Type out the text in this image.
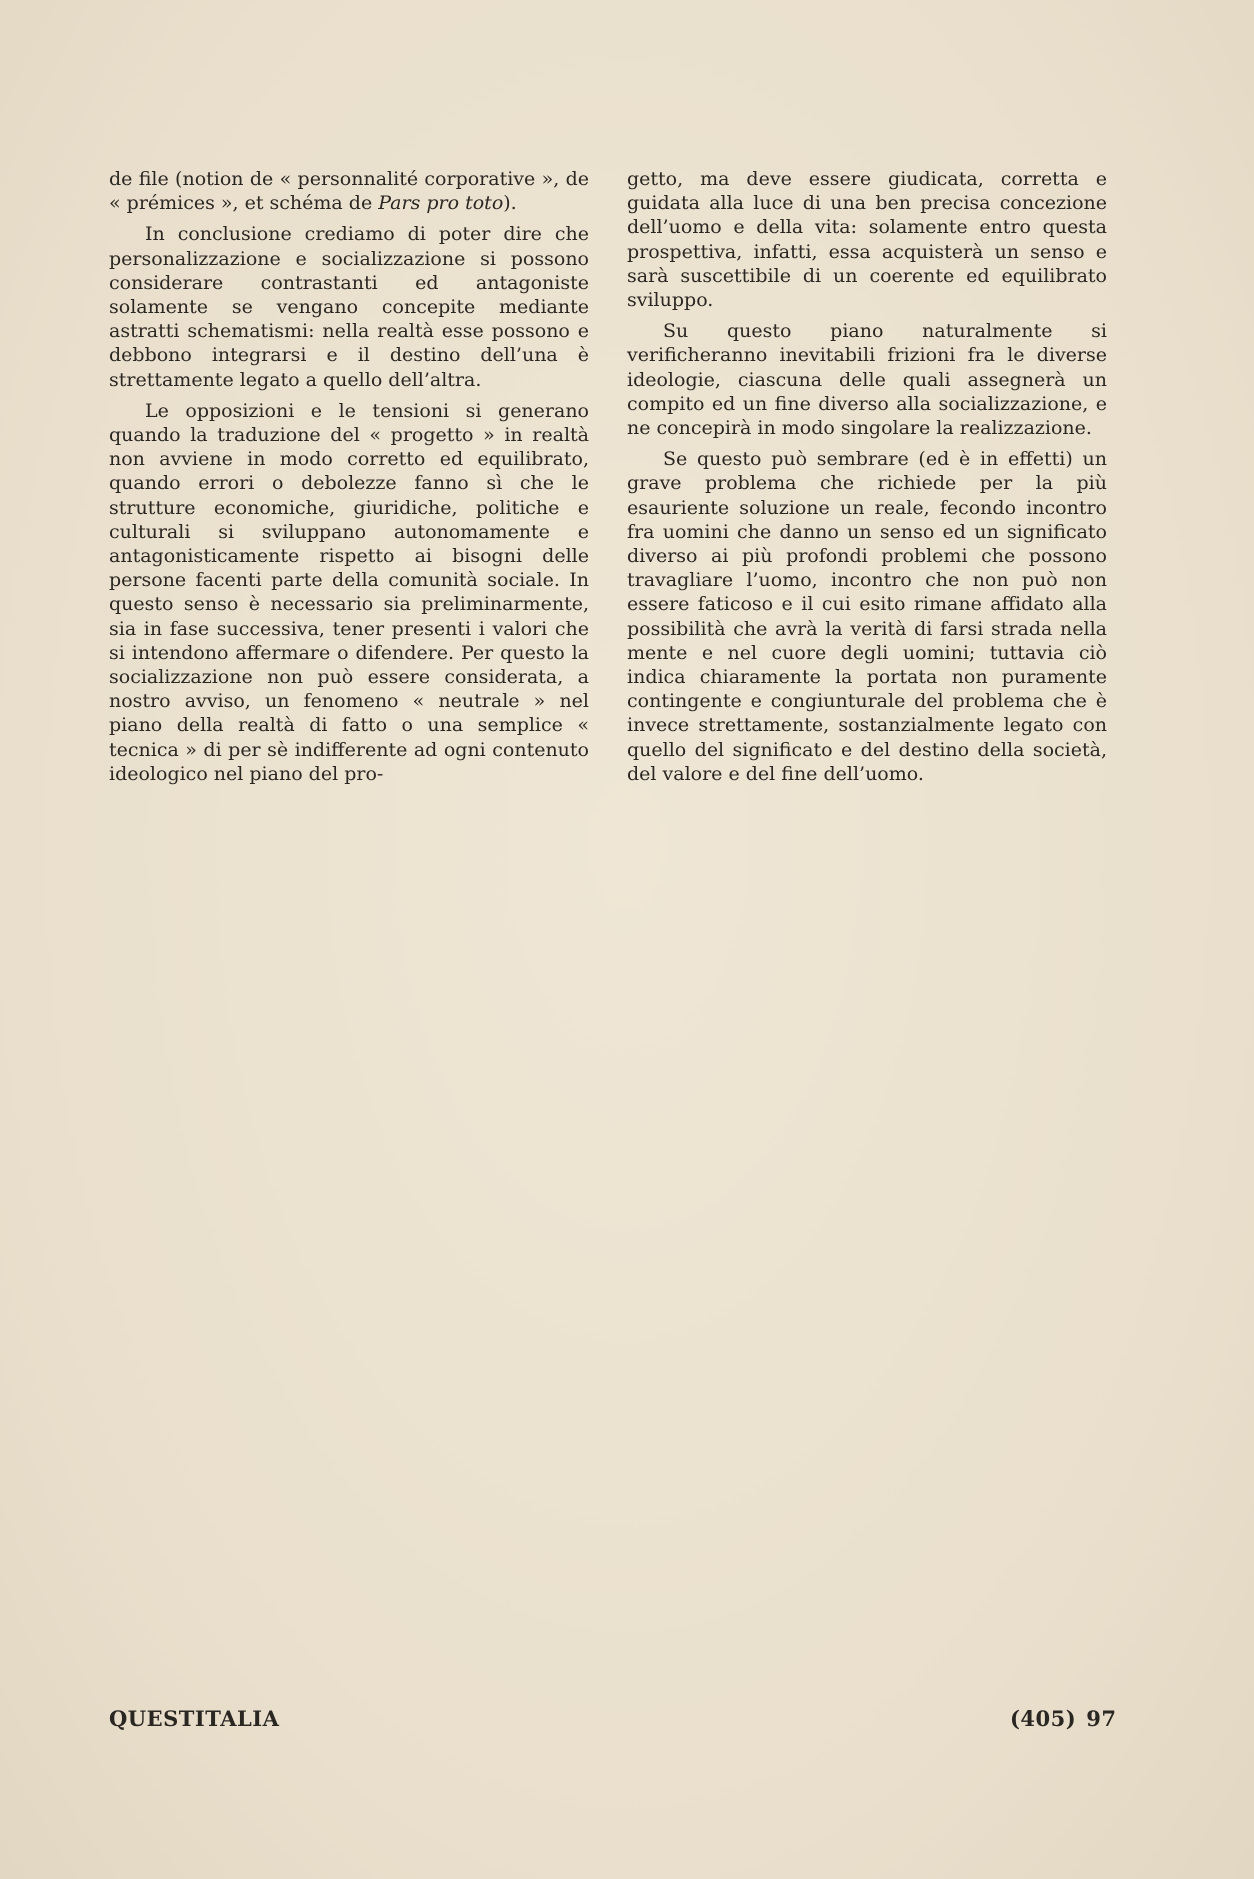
de file (notion de « personnalité corporative », de « prémices », et schéma de Pars pro toto).

In conclusione crediamo di poter dire che personalizzazione e socializzazione si possono considerare contrastanti ed antagoniste solamente se vengano concepite mediante astratti schematismi: nella realtà esse possono e debbono integrarsi e il destino dell’una è strettamente legato a quello dell’altra.

Le opposizioni e le tensioni si generano quando la traduzione del « progetto » in realtà non avviene in modo corretto ed equilibrato, quando errori o debolezze fanno sì che le strutture economiche, giuridiche, politiche e culturali si sviluppano autonomamente e antagonisticamente rispetto ai bisogni delle persone facenti parte della comunità sociale. In questo senso è necessario sia preliminarmente, sia in fase successiva, tener presenti i valori che si intendono affermare o difendere. Per questo la socializzazione non può essere considerata, a nostro avviso, un fenomeno « neutrale » nel piano della realtà di fatto o una semplice « tecnica » di per sè indifferente ad ogni contenuto ideologico nel piano del pro-

getto, ma deve essere giudicata, corretta e guidata alla luce di una ben precisa concezione dell’uomo e della vita: solamente entro questa prospettiva, infatti, essa acquisterà un senso e sarà suscettibile di un coerente ed equilibrato sviluppo.

Su questo piano naturalmente si verificheranno inevitabili frizioni fra le diverse ideologie, ciascuna delle quali assegnerà un compito ed un fine diverso alla socializzazione, e ne concepirà in modo singolare la realizzazione.

Se questo può sembrare (ed è in effetti) un grave problema che richiede per la più esauriente soluzione un reale, fecondo incontro fra uomini che danno un senso ed un significato diverso ai più profondi problemi che possono travagliare l’uomo, incontro che non può non essere faticoso e il cui esito rimane affidato alla possibilità che avrà la verità di farsi strada nella mente e nel cuore degli uomini; tuttavia ciò indica chiaramente la portata non puramente contingente e congiunturale del problema che è invece strettamente, sostanzialmente legato con quello del significato e del destino della società, del valore e del fine dell’uomo.

QUESTITALIA	(405) 97
